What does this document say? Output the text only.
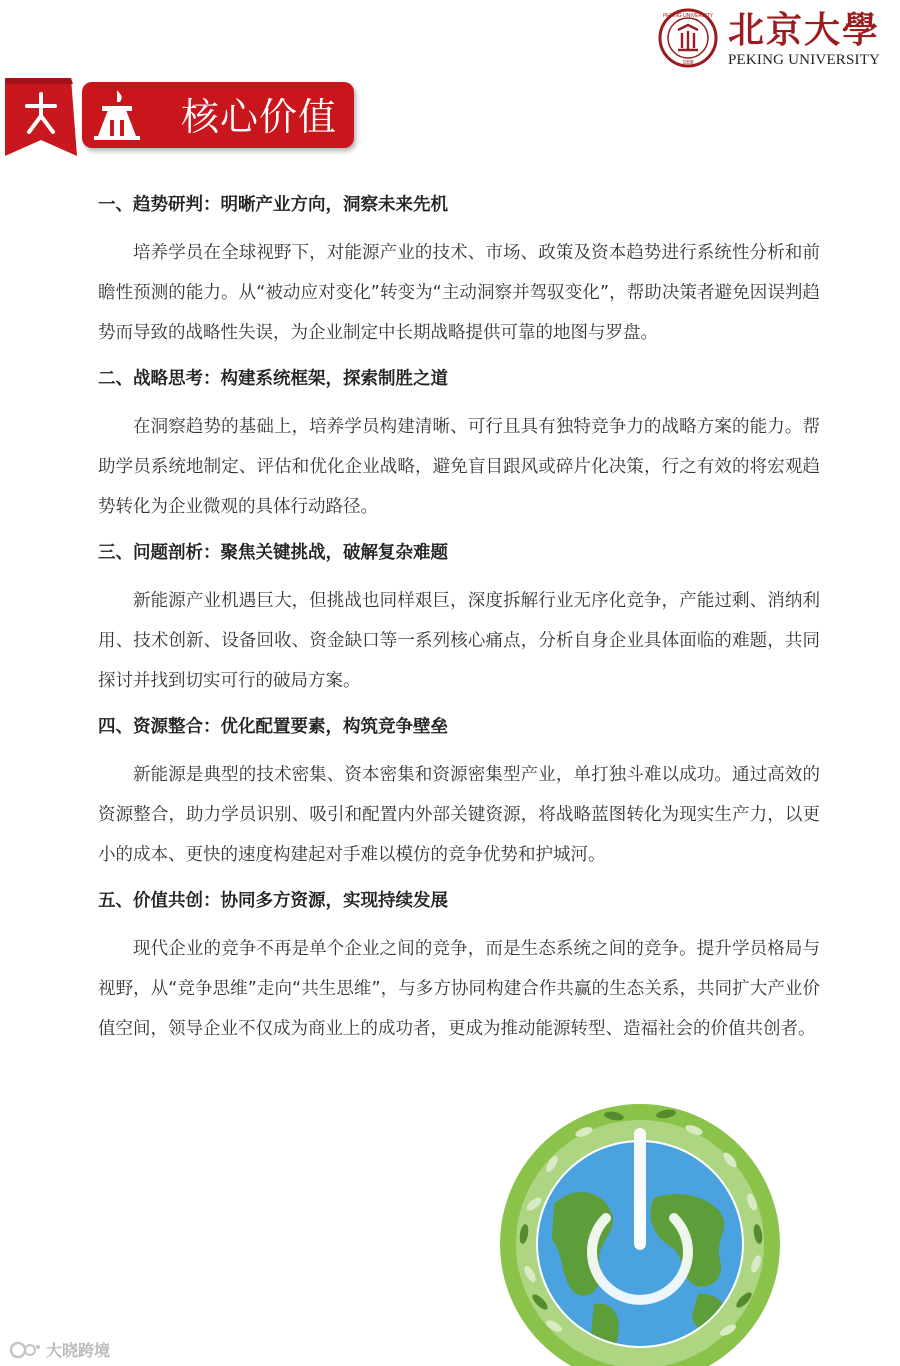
PEKING UNIVERSITY
1898
北京大學
PEKING UNIVERSITY
核心价值

一、趋势研判：明晰产业方向，洞察未来先机

培养学员在全球视野下，对能源产业的技术、市场、政策及资本趋势进行系统性分析和前瞻性预测的能力。从“被动应对变化”转变为“主动洞察并驾驭变化”，帮助决策者避免因误判趋势而导致的战略性失误，为企业制定中长期战略提供可靠的地图与罗盘。

二、战略思考：构建系统框架，探索制胜之道

在洞察趋势的基础上，培养学员构建清晰、可行且具有独特竞争力的战略方案的能力。帮助学员系统地制定、评估和优化企业战略，避免盲目跟风或碎片化决策，行之有效的将宏观趋势转化为企业微观的具体行动路径。

三、问题剖析：聚焦关键挑战，破解复杂难题

新能源产业机遇巨大，但挑战也同样艰巨，深度拆解行业无序化竞争，产能过剩、消纳利用、技术创新、设备回收、资金缺口等一系列核心痛点，分析自身企业具体面临的难题，共同探讨并找到切实可行的破局方案。

四、资源整合：优化配置要素，构筑竞争壁垒

新能源是典型的技术密集、资本密集和资源密集型产业，单打独斗难以成功。通过高效的资源整合，助力学员识别、吸引和配置内外部关键资源，将战略蓝图转化为现实生产力，以更小的成本、更快的速度构建起对手难以模仿的竞争优势和护城河。

五、价值共创：协同多方资源，实现持续发展

现代企业的竞争不再是单个企业之间的竞争，而是生态系统之间的竞争。提升学员格局与视野，从“竞争思维”走向“共生思维”，与多方协同构建合作共赢的生态关系，共同扩大产业价值空间，领导企业不仅成为商业上的成功者，更成为推动能源转型、造福社会的价值共创者。

大晓跨境
